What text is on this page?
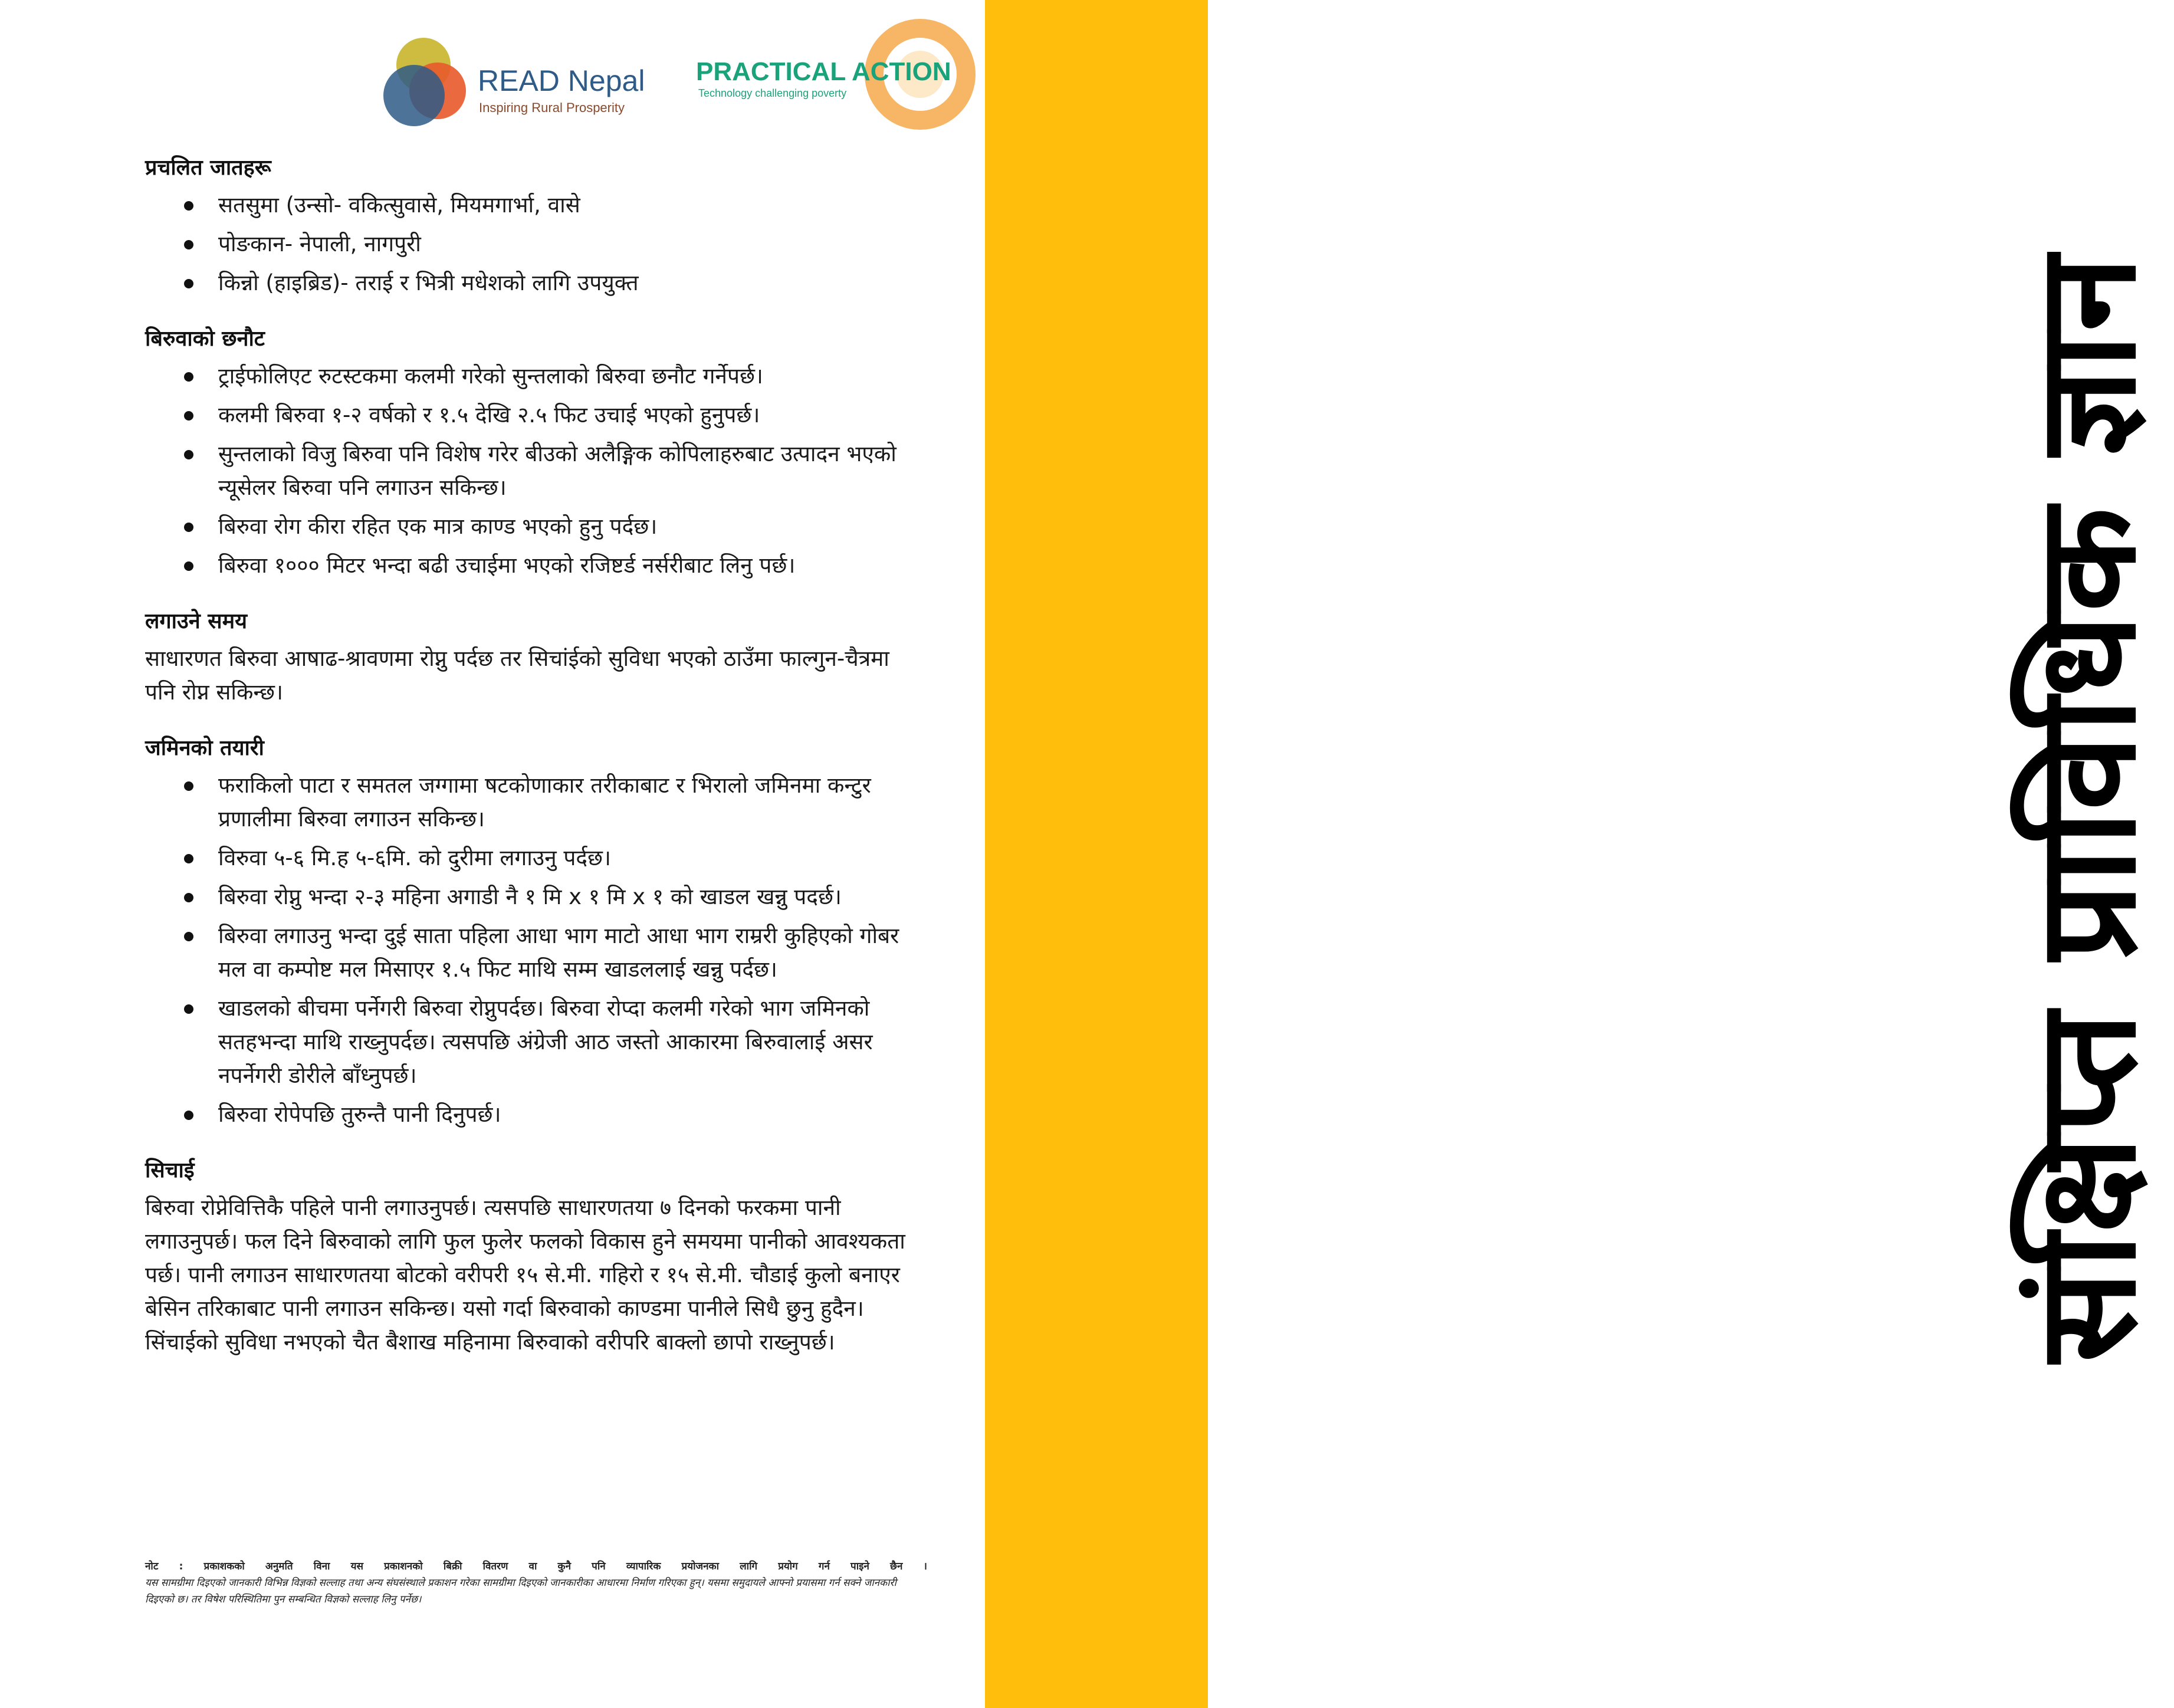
संक्षिप्त प्राविधिक ज्ञान
READ Nepal
Inspiring Rural Prosperity
PRACTICAL ACTION
Technology challenging poverty
प्रचलित जातहरू
सतसुमा (उन्सो- वकित्सुवासे, मियमगार्भा, वासे
पोङकान- नेपाली, नागपुरी
किन्नो (हाइब्रिड)- तराई र भित्री मधेशको लागि उपयुक्त
बिरुवाको छनौट
ट्राईफोलिएट रुटस्टकमा कलमी गरेको सुन्तलाको बिरुवा छनौट गर्नेपर्छ।
कलमी बिरुवा १-२ वर्षको र १.५ देखि २.५ फिट उचाई भएको हुनुपर्छ।
सुन्तलाको विजु बिरुवा पनि विशेष गरेर बीउको अलैङ्गिक कोपिलाहरुबाट उत्पादन भएको न्यूसेलर बिरुवा पनि लगाउन सकिन्छ।
बिरुवा रोग कीरा रहित एक मात्र काण्ड भएको हुनु पर्दछ।
बिरुवा १००० मिटर भन्दा बढी उचाईमा भएको रजिष्टर्ड नर्सरीबाट लिनु पर्छ।
लगाउने समय

साधारणत बिरुवा आषाढ-श्रावणमा रोप्नु पर्दछ तर सिचांईको सुविधा भएको ठाउँमा फाल्गुन-चैत्रमा पनि रोप्न सकिन्छ।

जमिनको तयारी
फराकिलो पाटा र समतल जग्गामा षटकोणाकार तरीकाबाट र भिरालो जमिनमा कन्टुर प्रणालीमा बिरुवा लगाउन सकिन्छ।
विरुवा ५-६ मि.ह ५-६मि. को दुरीमा लगाउनु पर्दछ।
बिरुवा रोप्नु भन्दा २-३ महिना अगाडी नै १ मि x १ मि x १ को खाडल खन्नु पदर्छ।
बिरुवा लगाउनु भन्दा दुई साता पहिला आधा भाग माटो आधा भाग राम्ररी कुहिएको गोबर मल वा कम्पोष्ट मल मिसाएर १.५ फिट माथि सम्म खाडललाई खन्नु पर्दछ।
खाडलको बीचमा पर्नेगरी बिरुवा रोप्नुपर्दछ। बिरुवा रोप्दा कलमी गरेको भाग जमिनको सतहभन्दा माथि राख्नुपर्दछ। त्यसपछि अंग्रेजी आठ जस्तो आकारमा बिरुवालाई असर नपर्नेगरी डोरीले बाँध्नुपर्छ।
बिरुवा रोपेपछि तुरुन्तै पानी दिनुपर्छ।
सिचाई

बिरुवा रोप्नेवित्तिकै पहिले पानी लगाउनुपर्छ। त्यसपछि साधारणतया ७ दिनको फरकमा पानी लगाउनुपर्छ। फल दिने बिरुवाको लागि फुल फुलेर फलको विकास हुने समयमा पानीको आवश्यकता पर्छ। पानी लगाउन साधारणतया बोटको वरीपरी १५ से.मी. गहिरो र १५ से.मी. चौडाई कुलो बनाएर बेसिन तरिकाबाट पानी लगाउन सकिन्छ। यसो गर्दा बिरुवाको काण्डमा पानीले सिधै छुनु हुदैन। सिंचाईको सुविधा नभएको चैत बैशाख महिनामा बिरुवाको वरीपरि बाक्लो छापो राख्नुपर्छ।

नोट : प्रकाशकको अनुमति विना यस प्रकाशनको बिक्री वितरण वा कुनै पनि व्यापारिक प्रयोजनका लागि प्रयोग गर्न पाइने छैन ।
यस सामग्रीमा दिइएको जानकारी विभिन्न विज्ञको सल्लाह तथा अन्य संघसंस्थाले प्रकाशन गरेका सामग्रीमा दिइएको जानकारीका आधारमा निर्माण गरिएका हुन्। यसमा समुदायले आफ्नो प्रयासमा गर्न सक्ने जानकारी दिइएको छ। तर विषेश परिस्थितिमा पुन सम्बन्धित विज्ञको सल्लाह लिनु पर्नेछ।
